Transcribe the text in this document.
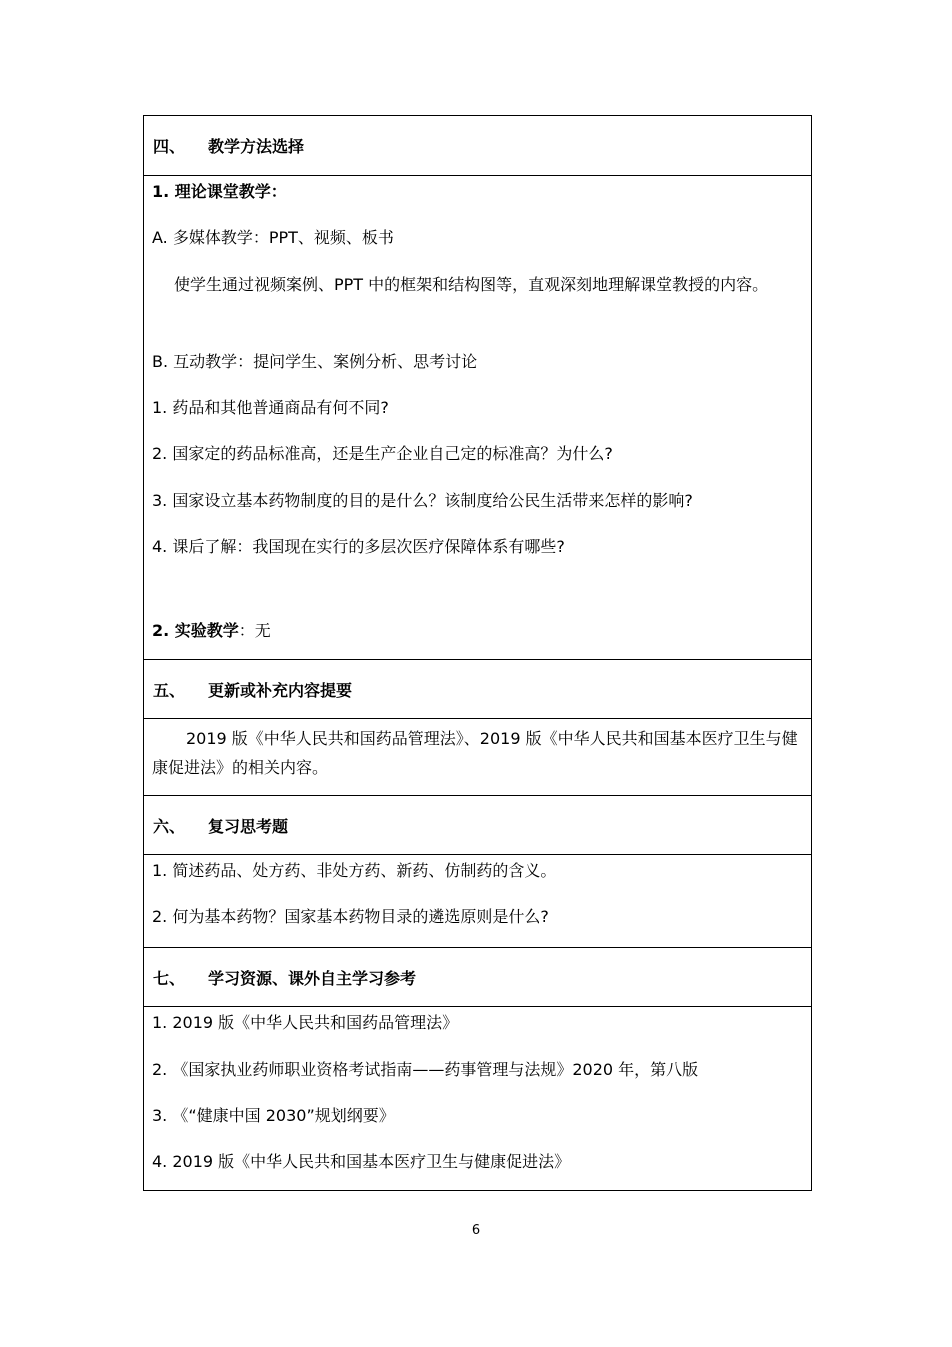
四、	教学方法选择
1. 理论课堂教学：
A. 多媒体教学：PPT、视频、板书
使学生通过视频案例、PPT 中的框架和结构图等，直观深刻地理解课堂教授的内容。
B. 互动教学：提问学生、案例分析、思考讨论
1. 药品和其他普通商品有何不同?
2. 国家定的药品标准高，还是生产企业自己定的标准高？为什么?
3. 国家设立基本药物制度的目的是什么？该制度给公民生活带来怎样的影响?
4. 课后了解：我国现在实行的多层次医疗保障体系有哪些?
2. 实验教学：无
五、	更新或补充内容提要
2019 版《中华人民共和国药品管理法》、2019 版《中华人民共和国基本医疗卫生与健康促进法》的相关内容。
六、	复习思考题
1. 简述药品、处方药、非处方药、新药、仿制药的含义。
2. 何为基本药物？国家基本药物目录的遴选原则是什么?
七、	学习资源、课外自主学习参考
1. 2019 版《中华人民共和国药品管理法》
2. 《国家执业药师职业资格考试指南——药事管理与法规》2020 年，第八版
3. 《“健康中国 2030”规划纲要》
4. 2019 版《中华人民共和国基本医疗卫生与健康促进法》
6
